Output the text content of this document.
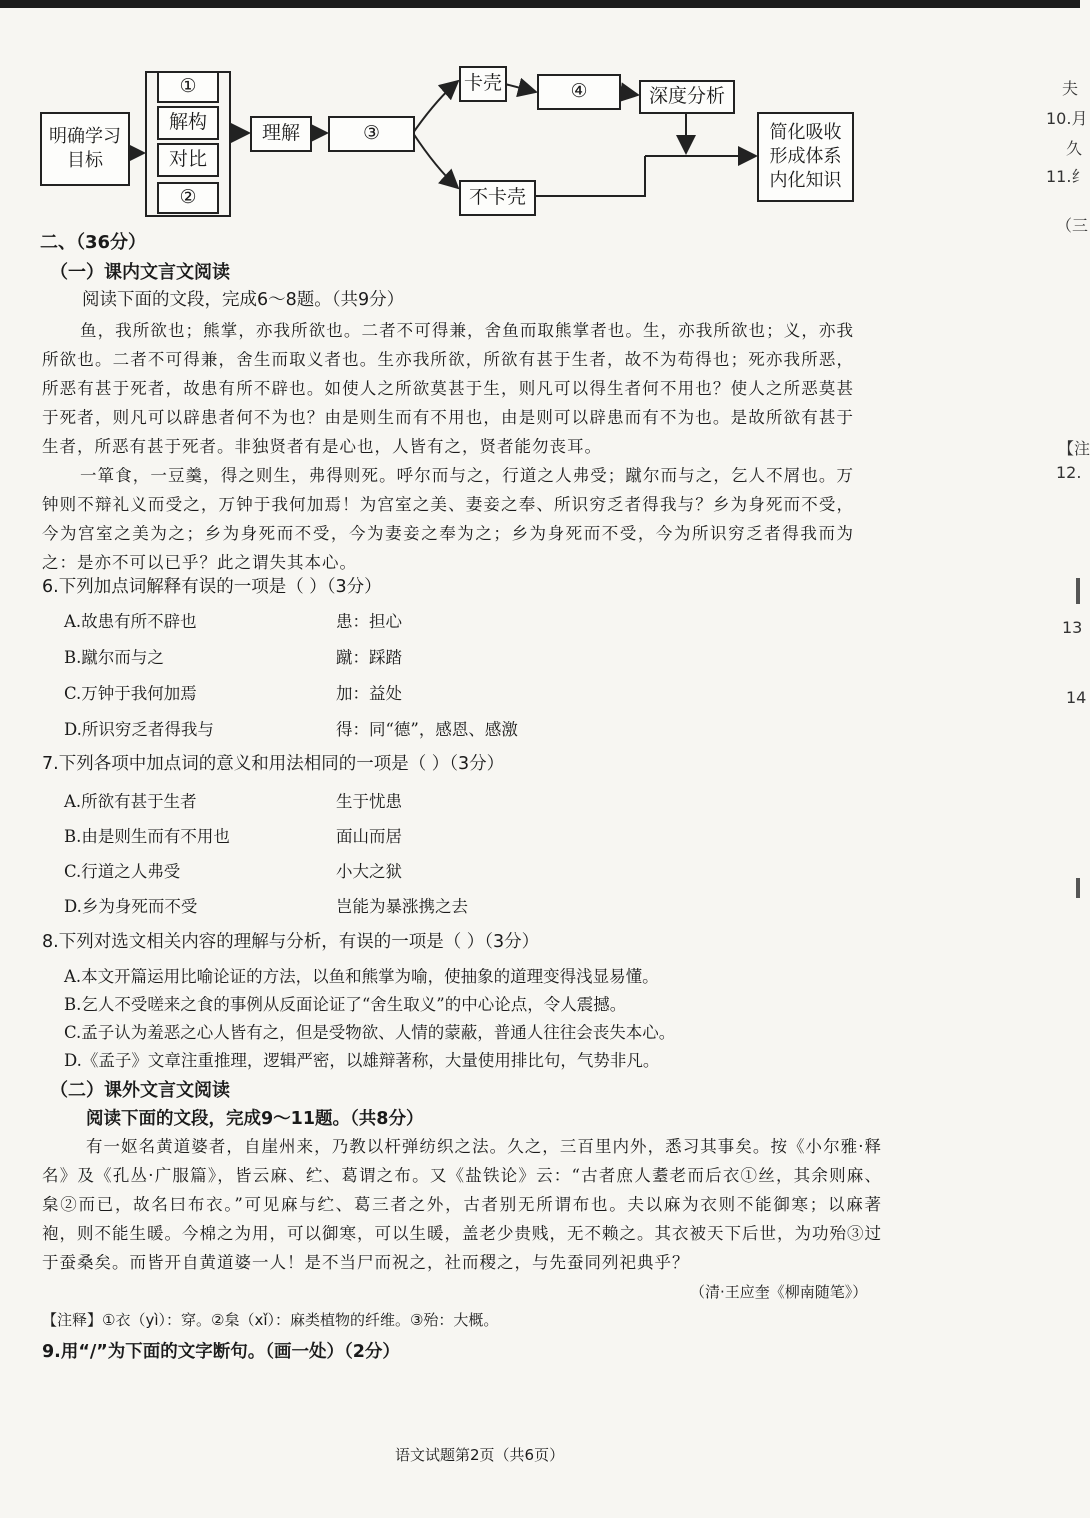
明确学习
目标
①
解构
对比
②
理解	③
卡壳	④	深度分析
不卡壳
简化吸收
形成体系
内化知识
二、（36分）
（一）课内文言文阅读
阅读下面的文段，完成6～8题。（共9分）
鱼，我所欲也；熊掌，亦我所欲也。二者不可得兼，舍鱼而取熊掌者也。生，亦我所欲也；义，亦我所欲也。二者不可得兼，舍生而取义者也。生亦我所欲，所欲有甚于生者，故不为苟得也；死亦我所恶，所恶有甚于死者，故患有所不辟也。如使人之所欲莫甚于生，则凡可以得生者何不用也？使人之所恶莫甚于死者，则凡可以辟患者何不为也？由是则生而有不用也，由是则可以辟患而有不为也。是故所欲有甚于生者，所恶有甚于死者。非独贤者有是心也，人皆有之，贤者能勿丧耳。
一箪食，一豆羹，得之则生，弗得则死。呼尔而与之，行道之人弗受；蹴尔而与之，乞人不屑也。万钟则不辩礼义而受之，万钟于我何加焉！为宫室之美、妻妾之奉、所识穷乏者得我与？乡为身死而不受，今为宫室之美为之；乡为身死而不受，今为妻妾之奉为之；乡为身死而不受，今为所识穷乏者得我而为之：是亦不可以已乎？此之谓失其本心。
6.下列加点词解释有误的一项是（ ）（3分）
A.故患有所不辟也	患：担心
B.蹴尔而与之	蹴：踩踏
C.万钟于我何加焉	加：益处
D.所识穷乏者得我与	得：同“德”，感恩、感激
7.下列各项中加点词的意义和用法相同的一项是（ ）（3分）
A.所欲有甚于生者	生于忧患
B.由是则生而有不用也	面山而居
C.行道之人弗受	小大之狱
D.乡为身死而不受	岂能为暴涨携之去
8.下列对选文相关内容的理解与分析，有误的一项是（ ）（3分）
A.本文开篇运用比喻论证的方法，以鱼和熊掌为喻，使抽象的道理变得浅显易懂。
B.乞人不受嗟来之食的事例从反面论证了“舍生取义”的中心论点，令人震撼。
C.孟子认为羞恶之心人皆有之，但是受物欲、人情的蒙蔽，普通人往往会丧失本心。
D.《孟子》文章注重推理，逻辑严密，以雄辩著称，大量使用排比句，气势非凡。
（二）课外文言文阅读
阅读下面的文段，完成9～11题。（共8分）
有一妪名黄道婆者，自崖州来，乃教以杆弹纺织之法。久之，三百里内外，悉习其事矣。按《小尔雅·释名》及《孔丛·广服篇》，皆云麻、纻、葛谓之布。又《盐铁论》云：“古者庶人耋老而后衣①丝，其余则麻、枲②而已，故名曰布衣。”可见麻与纻、葛三者之外，古者别无所谓布也。夫以麻为衣则不能御寒；以麻著袍，则不能生暖。今棉之为用，可以御寒，可以生暖，盖老少贵贱，无不赖之。其衣被天下后世，为功殆③过于蚕桑矣。而皆开自黄道婆一人！是不当尸而祝之，社而稷之，与先蚕同列祀典乎？
（清·王应奎《柳南随笔》）
【注释】①衣（yì）：穿。②枲（xǐ）：麻类植物的纤维。③殆：大概。
9.用“/”为下面的文字断句。（画一处）（2分）
语文试题第2页（共6页）
夫
10.月
久
11.纟
（三
【注
12.
13
14
